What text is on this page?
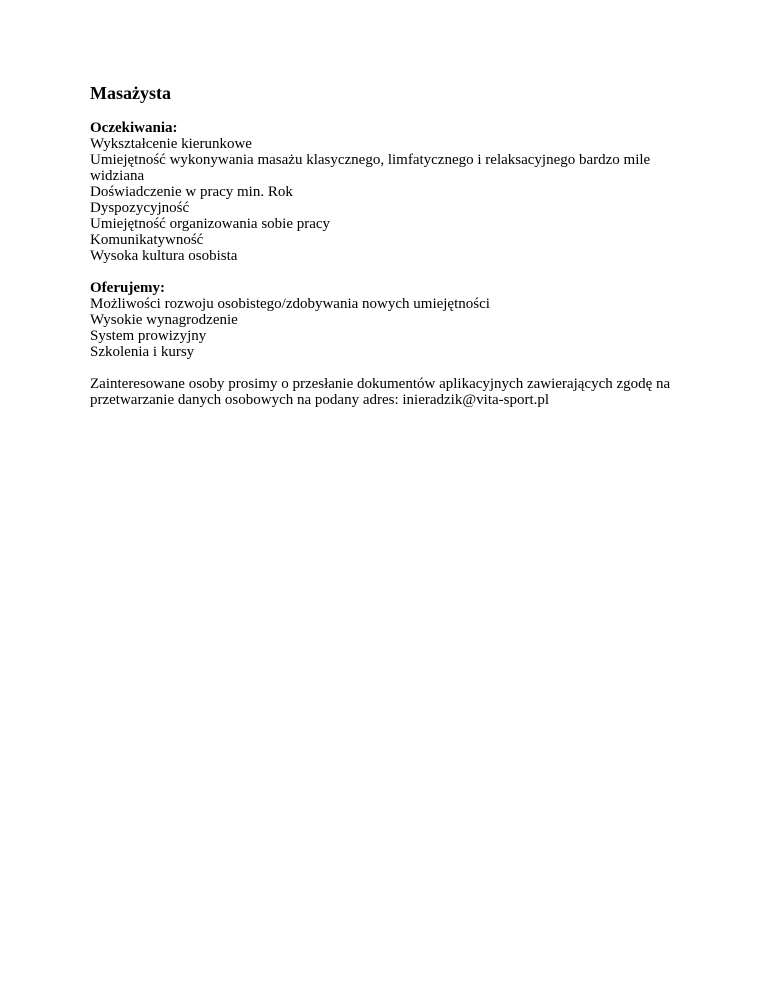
Masażysta

Oczekiwania:

Wykształcenie kierunkowe
Umiejętność wykonywania masażu klasycznego, limfatycznego i relaksacyjnego bardzo mile widziana
Doświadczenie w pracy min. Rok
Dyspozycyjność
Umiejętność organizowania sobie pracy
Komunikatywność
Wysoka kultura osobista

Oferujemy:

Możliwości rozwoju osobistego/zdobywania nowych umiejętności
Wysokie wynagrodzenie
System prowizyjny
Szkolenia i kursy

Zainteresowane osoby prosimy o przesłanie dokumentów aplikacyjnych zawierających zgodę na przetwarzanie danych osobowych na podany adres: inieradzik@vita-sport.pl
